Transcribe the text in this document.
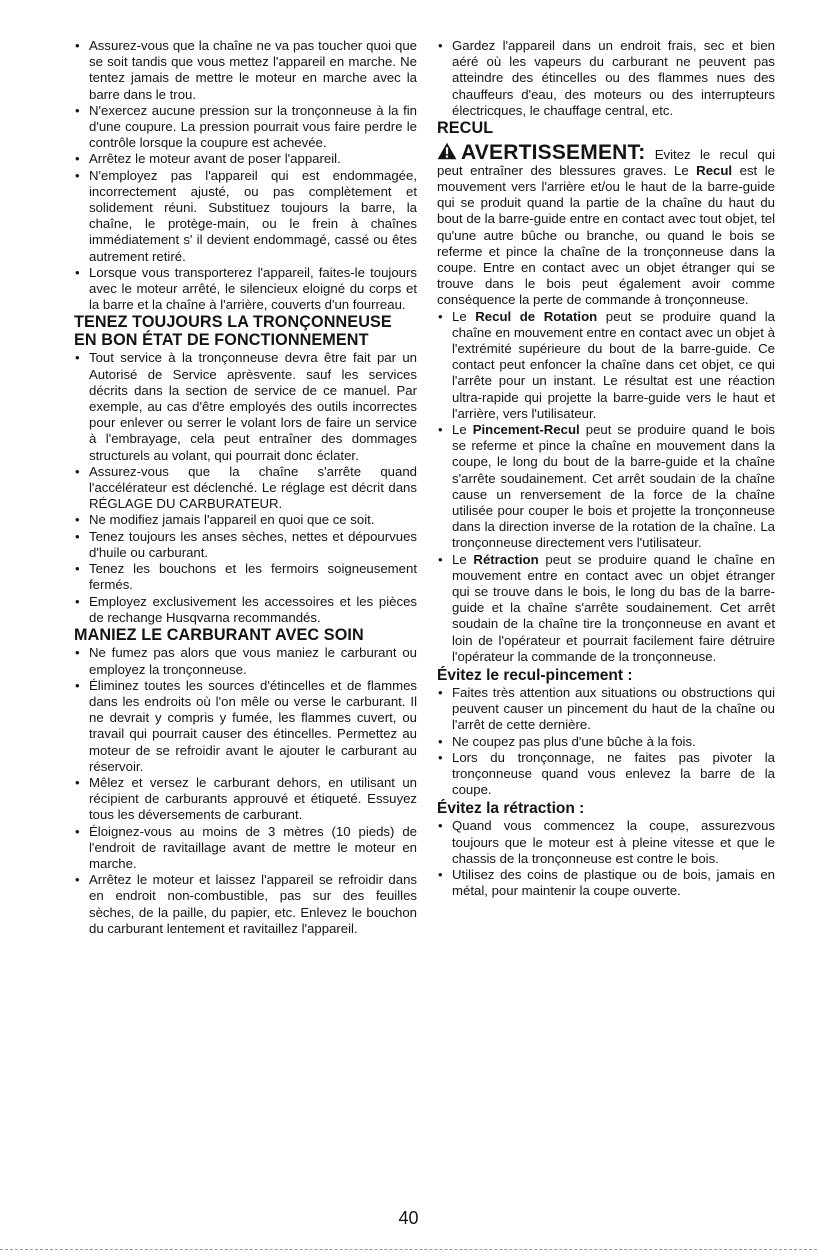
• Assurez-vous que la chaîne ne va pas toucher quoi que se soit tandis que vous mettez l'appareil en marche. Ne tentez jamais de mettre le moteur en marche avec la barre dans le trou.
• N'exercez aucune pression sur la tronçonneuse à la fin d'une coupure. La pression pourrait vous faire perdre le contrôle lorsque la coupure est achevée.
• Arrêtez le moteur avant de poser l'appareil.
• N'employez pas l'appareil qui est endommagée, incorrectement ajusté, ou pas complètement et solidement réuni. Substituez toujours la barre, la chaîne, le protège-main, ou le frein à chaînes immédiatement s' il devient endommagé, cassé ou êtes autrement retiré.
• Lorsque vous transporterez l'appareil, faites-le toujours avec le moteur arrêté, le silencieux eloigné du corps et la barre et la chaîne à l'arrière, couverts d'un fourreau.
TENEZ TOUJOURS LA TRONÇONNEUSE EN BON ÉTAT DE FONCTIONNEMENT
• Tout service à la tronçonneuse devra être fait par un Autorisé de Service aprèsvente. sauf les services décrits dans la section de service de ce manuel. Par exemple, au cas d'être employés des outils incorrectes pour enlever ou serrer le volant lors de faire un service à l'embrayage, cela peut entraîner des dommages structurels au volant, qui pourrait donc éclater.
• Assurez-vous que la chaîne s'arrête quand l'accélérateur est déclenché. Le réglage est décrit dans RÉGLAGE DU CARBURATEUR.
• Ne modifiez jamais l'appareil en quoi que ce soit.
• Tenez toujours les anses sèches, nettes et dépourvues d'huile ou carburant.
• Tenez les bouchons et les fermoirs soigneusement fermés.
• Employez exclusivement les accessoires et les pièces de rechange Husqvarna recommandés.
MANIEZ LE CARBURANT AVEC SOIN
• Ne fumez pas alors que vous maniez le carburant ou employez la tronçonneuse.
• Éliminez toutes les sources d'étincelles et de flammes dans les endroits où l'on mêle ou verse le carburant. Il ne devrait y compris y fumée, les flammes cuvert, ou travail qui pourrait causer des étincelles. Permettez au moteur de se refroidir avant le ajouter le carburant au réservoir.
• Mêlez et versez le carburant dehors, en utilisant un récipient de carburants approuvé et étiqueté. Essuyez tous les déversements de carburant.
• Éloignez-vous au moins de 3 mètres (10 pieds) de l'endroit de ravitaillage avant de mettre le moteur en marche.
• Arrêtez le moteur et laissez l'appareil se refroidir dans en endroit non-combustible, pas sur des feuilles sèches, de la paille, du papier, etc. Enlevez le bouchon du carburant lentement et ravitaillez l'appareil.
• Gardez l'appareil dans un endroit frais, sec et bien aéré où les vapeurs du carburant ne peuvent pas atteindre des étincelles ou des flammes nues des chauffeurs d'eau, des moteurs ou des interrupteurs électricques, le chauffage central, etc.
RECUL

AVERTISSEMENT: Evitez le recul qui peut entraîner des blessures graves. Le Recul est le mouvement vers l'arrière et/ou le haut de la barre-guide qui se produit quand la partie de la chaîne du haut du bout de la barre-guide entre en contact avec tout objet, tel qu'une autre bûche ou branche, ou quand le bois se referme et pince la chaîne de la tronçonneuse dans la coupe. Entre en contact avec un objet étranger qui se trouve dans le bois peut également avoir comme conséquence la perte de commande à tronçonneuse.

• Le Recul de Rotation peut se produire quand la chaîne en mouvement entre en contact avec un objet à l'extrémité supérieure du bout de la barre-guide. Ce contact peut enfoncer la chaîne dans cet objet, ce qui l'arrête pour un instant. Le résultat est une réaction ultra-rapide qui projette la barre-guide vers le haut et l'arrière, vers l'utilisateur.
• Le Pincement-Recul peut se produire quand le bois se referme et pince la chaîne en mouvement dans la coupe, le long du bout de la barre-guide et la chaîne s'arrête soudainement. Cet arrêt soudain de la chaîne cause un renversement de la force de la chaîne utilisée pour couper le bois et projette la tronçonneuse dans la direction inverse de la rotation de la chaîne. La tronçonneuse directement vers l'utilisateur.
• Le Rétraction peut se produire quand le chaîne en mouvement entre en contact avec un objet étranger qui se trouve dans le bois, le long du bas de la barre-guide et la chaîne s'arrête soudainement. Cet arrêt soudain de la chaîne tire la tronçonneuse en avant et loin de l'opérateur et pourrait facilement faire détruire l'opérateur la commande de la tronçonneuse.
Évitez le recul-pincement :
• Faites très attention aux situations ou obstructions qui peuvent causer un pincement du haut de la chaîne ou l'arrêt de cette dernière.
• Ne coupez pas plus d'une bûche à la fois.
• Lors du tronçonnage, ne faites pas pivoter la tronçonneuse quand vous enlevez la barre de la coupe.
Évitez la rétraction :
• Quand vous commencez la coupe, assurezvous toujours que le moteur est à pleine vitesse et que le chassis de la tronçonneuse est contre le bois.
• Utilisez des coins de plastique ou de bois, jamais en métal, pour maintenir la coupe ouverte.
40
